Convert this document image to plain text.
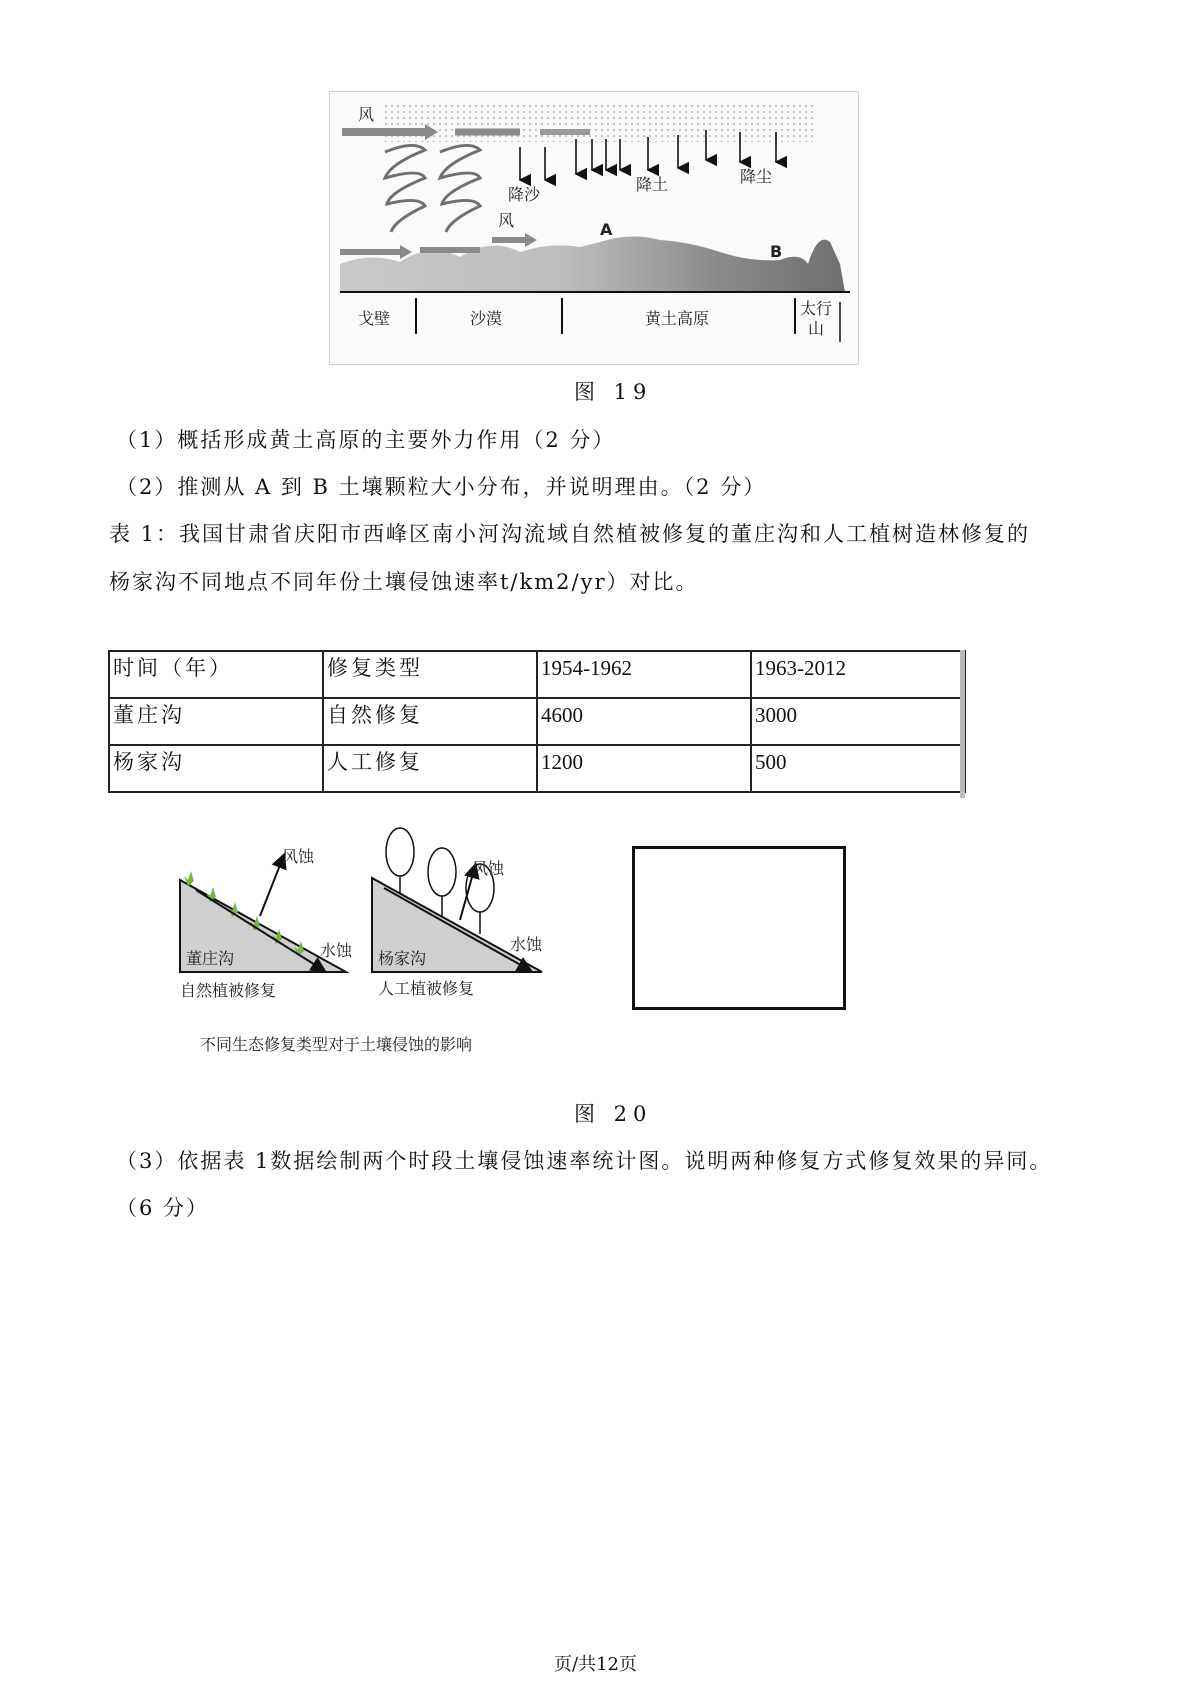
风
降沙
降土	降尘
风	A
B
戈壁	沙漠	黄土高原
太行
山
图 19
（1）概括形成黄土高原的主要外力作用（2 分）
（2）推测从 A 到 B 土壤颗粒大小分布，并说明理由。（2 分）
表 1：我国甘肃省庆阳市西峰区南小河沟流域自然植被修复的董庄沟和人工植树造林修复的
杨家沟不同地点不同年份土壤侵蚀速率t/km2/yr）对比。
时间（年）	修复类型	1954-1962	1963-2012
董庄沟	自然修复	4600	3000
杨家沟	人工修复	1200	500
风蚀
水蚀
董庄沟
自然植被修复
风蚀
水蚀
杨家沟
人工植被修复
不同生态修复类型对于土壤侵蚀的影响
图 20
（3）依据表 1数据绘制两个时段土壤侵蚀速率统计图。说明两种修复方式修复效果的异同。
（6 分）
页/共12页
